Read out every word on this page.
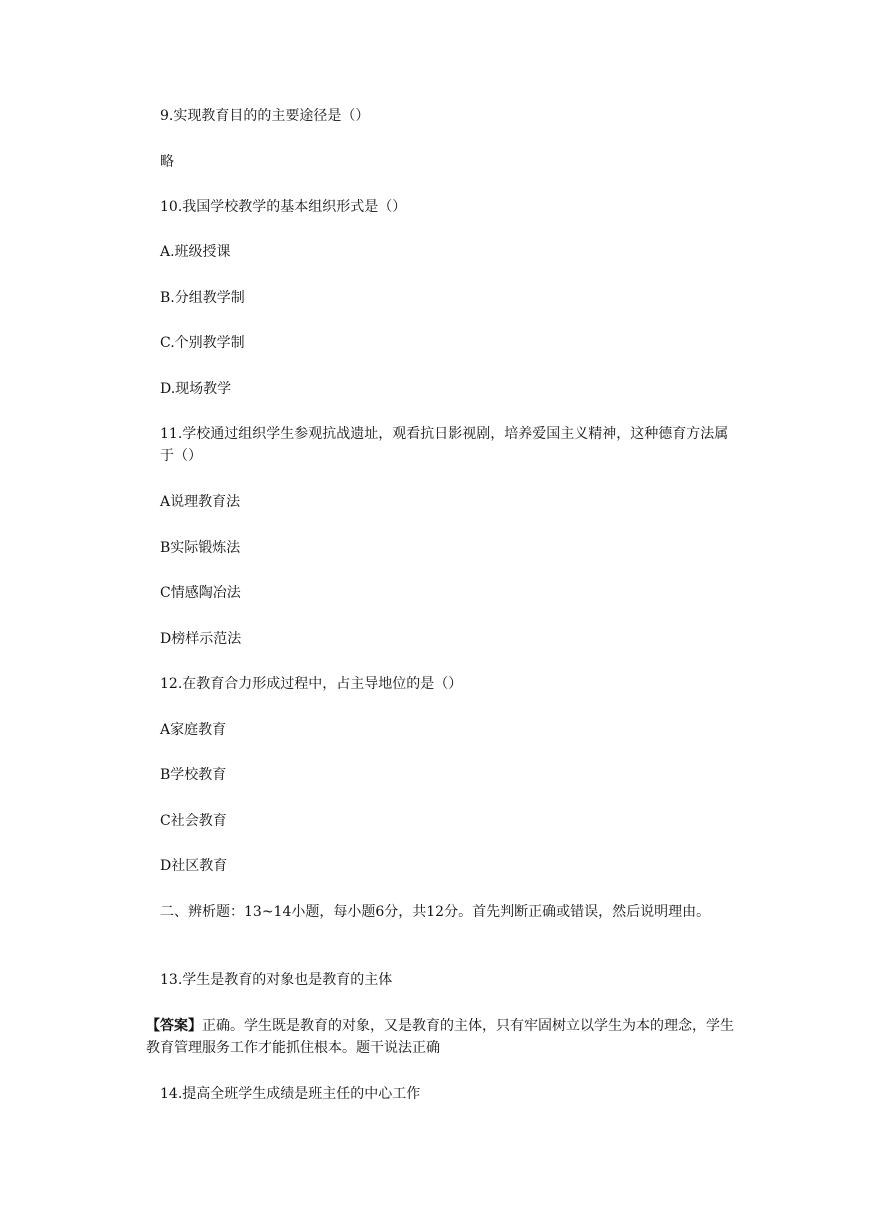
9.实现教育目的的主要途径是（）

略

10.我国学校教学的基本组织形式是（）

A.班级授课

B.分组教学制

C.个别教学制

D.现场教学

11.学校通过组织学生参观抗战遗址，观看抗日影视剧，培养爱国主义精神，这种德育方法属于（）

A说理教育法

B实际锻炼法

C情感陶冶法

D榜样示范法

12.在教育合力形成过程中，占主导地位的是（）

A家庭教育

B学校教育

C社会教育

D社区教育

二、辨析题：13~14小题，每小题6分，共12分。首先判断正确或错误，然后说明理由。

13.学生是教育的对象也是教育的主体

【答案】正确。学生既是教育的对象，又是教育的主体，只有牢固树立以学生为本的理念，学生教育管理服务工作才能抓住根本。题干说法正确

14.提高全班学生成绩是班主任的中心工作
